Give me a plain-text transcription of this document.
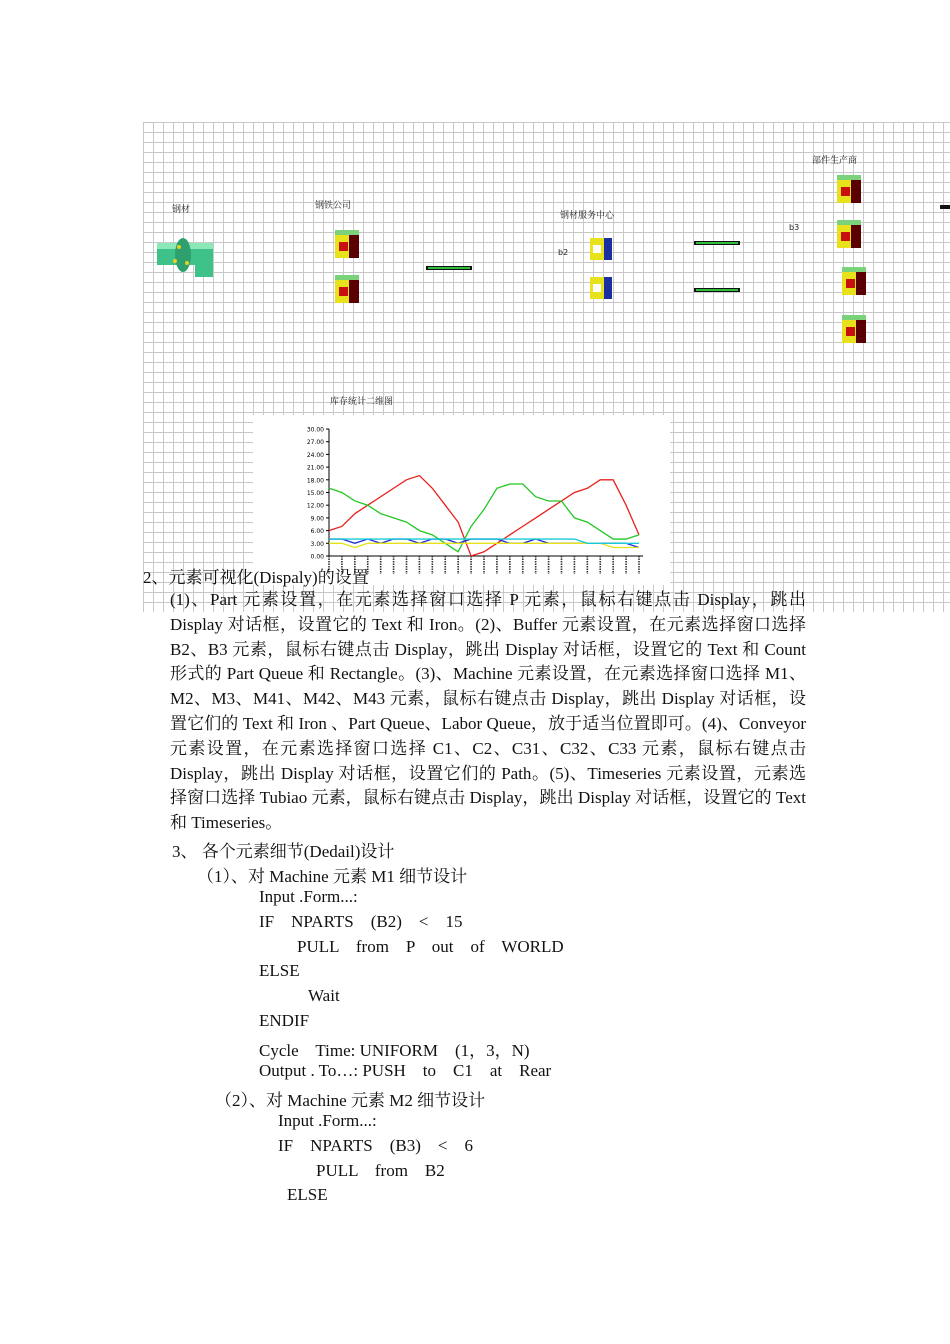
钢材	钢铁公司
钢材服务中心
部件生产商
库存统计二维图
b2
b3
30.00
27.00
24.00
21.00
18.00
15.00
12.00
9.00
6.00
3.00
0.00
2、元素可视化(Dispaly)的设置
(1)、Part 元素设置，在元素选择窗口选择 P 元素，鼠标右键点击 Display，跳出 Display 对话框，设置它的 Text 和 Iron。(2)、Buffer 元素设置，在元素选择窗口选择 B2、B3 元素，鼠标右键点击 Display，跳出 Display 对话框，设置它的 Text 和 Count 形式的 Part Queue 和 Rectangle。(3)、Machine 元素设置，在元素选择窗口选择 M1、M2、M3、M41、M42、M43 元素，鼠标右键点击 Display，跳出 Display 对话框，设置它们的 Text 和 Iron 、Part Queue、Labor Queue，放于适当位置即可。(4)、Conveyor 元素设置，在元素选择窗口选择 C1、C2、C31、C32、C33 元素，鼠标右键点击 Display，跳出 Display 对话框，设置它们的 Path。(5)、Timeseries 元素设置，元素选择窗口选择 Tubiao 元素，鼠标右键点击 Display，跳出 Display 对话框，设置它的 Text 和 Timeseries。
3、 各个元素细节(Dedail)设计
（1）、对 Machine 元素 M1 细节设计
Input .Form...:
IF    NPARTS    (B2)    <    15
PULL    from    P    out    of    WORLD
ELSE
Wait
ENDIF
Cycle    Time: UNIFORM    (1，3，N)
Output . To…: PUSH    to    C1    at    Rear
（2）、对 Machine 元素 M2 细节设计
Input .Form...:
IF    NPARTS    (B3)    <    6
PULL    from    B2
ELSE
